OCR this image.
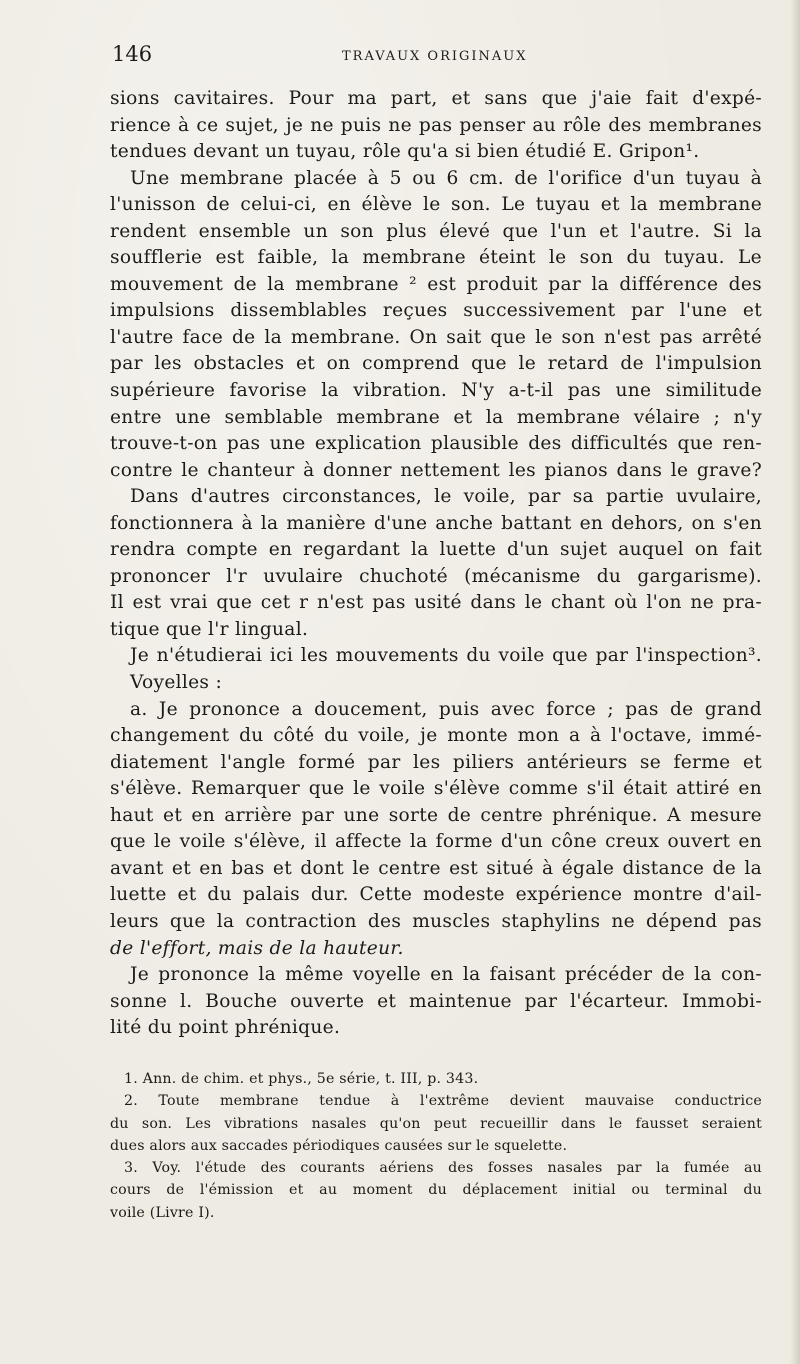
146	TRAVAUX ORIGINAUX
sions cavitaires. Pour ma part, et sans que j'aie fait d'expé-
rience à ce sujet, je ne puis ne pas penser au rôle des membranes
tendues devant un tuyau, rôle qu'a si bien étudié E. Gripon¹.
Une membrane placée à 5 ou 6 cm. de l'orifice d'un tuyau à
l'unisson de celui-ci, en élève le son. Le tuyau et la membrane
rendent ensemble un son plus élevé que l'un et l'autre. Si la
soufflerie est faible, la membrane éteint le son du tuyau. Le
mouvement de la membrane ² est produit par la différence des
impulsions dissemblables reçues successivement par l'une et
l'autre face de la membrane. On sait que le son n'est pas arrêté
par les obstacles et on comprend que le retard de l'impulsion
supérieure favorise la vibration. N'y a-t-il pas une similitude
entre une semblable membrane et la membrane vélaire ; n'y
trouve-t-on pas une explication plausible des difficultés que ren-
contre le chanteur à donner nettement les pianos dans le grave?
Dans d'autres circonstances, le voile, par sa partie uvulaire,
fonctionnera à la manière d'une anche battant en dehors, on s'en
rendra compte en regardant la luette d'un sujet auquel on fait
prononcer l'r uvulaire chuchoté (mécanisme du gargarisme).
Il est vrai que cet r n'est pas usité dans le chant où l'on ne pra-
tique que l'r lingual.
Je n'étudierai ici les mouvements du voile que par l'inspection³.
Voyelles :
a. Je prononce a doucement, puis avec force ; pas de grand
changement du côté du voile, je monte mon a à l'octave, immé-
diatement l'angle formé par les piliers antérieurs se ferme et
s'élève. Remarquer que le voile s'élève comme s'il était attiré en
haut et en arrière par une sorte de centre phrénique. A mesure
que le voile s'élève, il affecte la forme d'un cône creux ouvert en
avant et en bas et dont le centre est situé à égale distance de la
luette et du palais dur. Cette modeste expérience montre d'ail-
leurs que la contraction des muscles staphylins ne dépend pas
de l'effort, mais de la hauteur.
Je prononce la même voyelle en la faisant précéder de la con-
sonne l. Bouche ouverte et maintenue par l'écarteur. Immobi-
lité du point phrénique.
1. Ann. de chim. et phys., 5e série, t. III, p. 343.
2. Toute membrane tendue à l'extrême devient mauvaise conductrice
du son. Les vibrations nasales qu'on peut recueillir dans le fausset seraient
dues alors aux saccades périodiques causées sur le squelette.
3. Voy. l'étude des courants aériens des fosses nasales par la fumée au
cours de l'émission et au moment du déplacement initial ou terminal du
voile (Livre I).
